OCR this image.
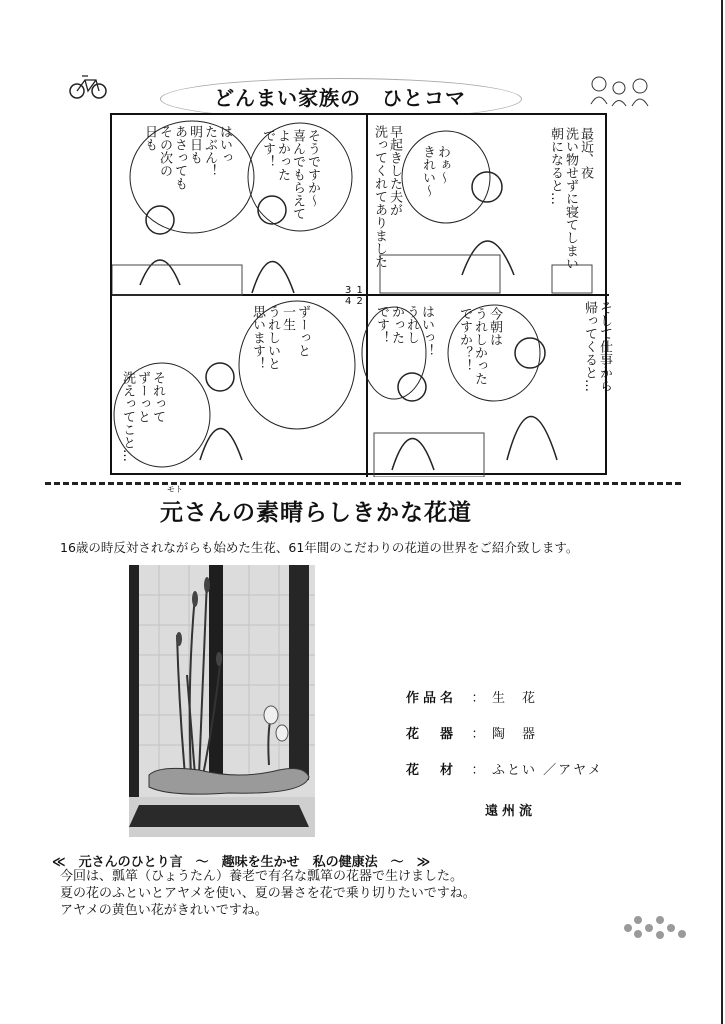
どんまい家族の　ひとコマ
最近、夜
洗い物せずに寝てしまい
朝になると…
わぁ～
きれい～
早起きした夫が
洗ってくれてありました
そうですか～
喜んでもらえて
よかった
です！
はいっ
たぶん！
明日も
あさっても
その次の
日も
そして仕事から
帰ってくると…
今朝は
うれしかった
ですか？！
はいっ！
うれし
かった
です！
ずーっと
一生
うれしいと
思います！
それって
ずーっと
洗えってこと…
3 1
4 2
モト
元さんの素晴らしきかな花道
16歳の時反対されながらも始めた生花、61年間のこだわりの花道の世界をご紹介致します。
作品名	： 生　花
花　器	： 陶　器
花　材	： ふとい ／アヤメ
遠州流
≪　元さんのひとり言　～　趣味を生かせ　私の健康法　～　≫
今回は、瓢箪（ひょうたん）養老で有名な瓢箪の花器で生けました。
夏の花のふといとアヤメを使い、夏の暑さを花で乗り切りたいですね。
アヤメの黄色い花がきれいですね。
